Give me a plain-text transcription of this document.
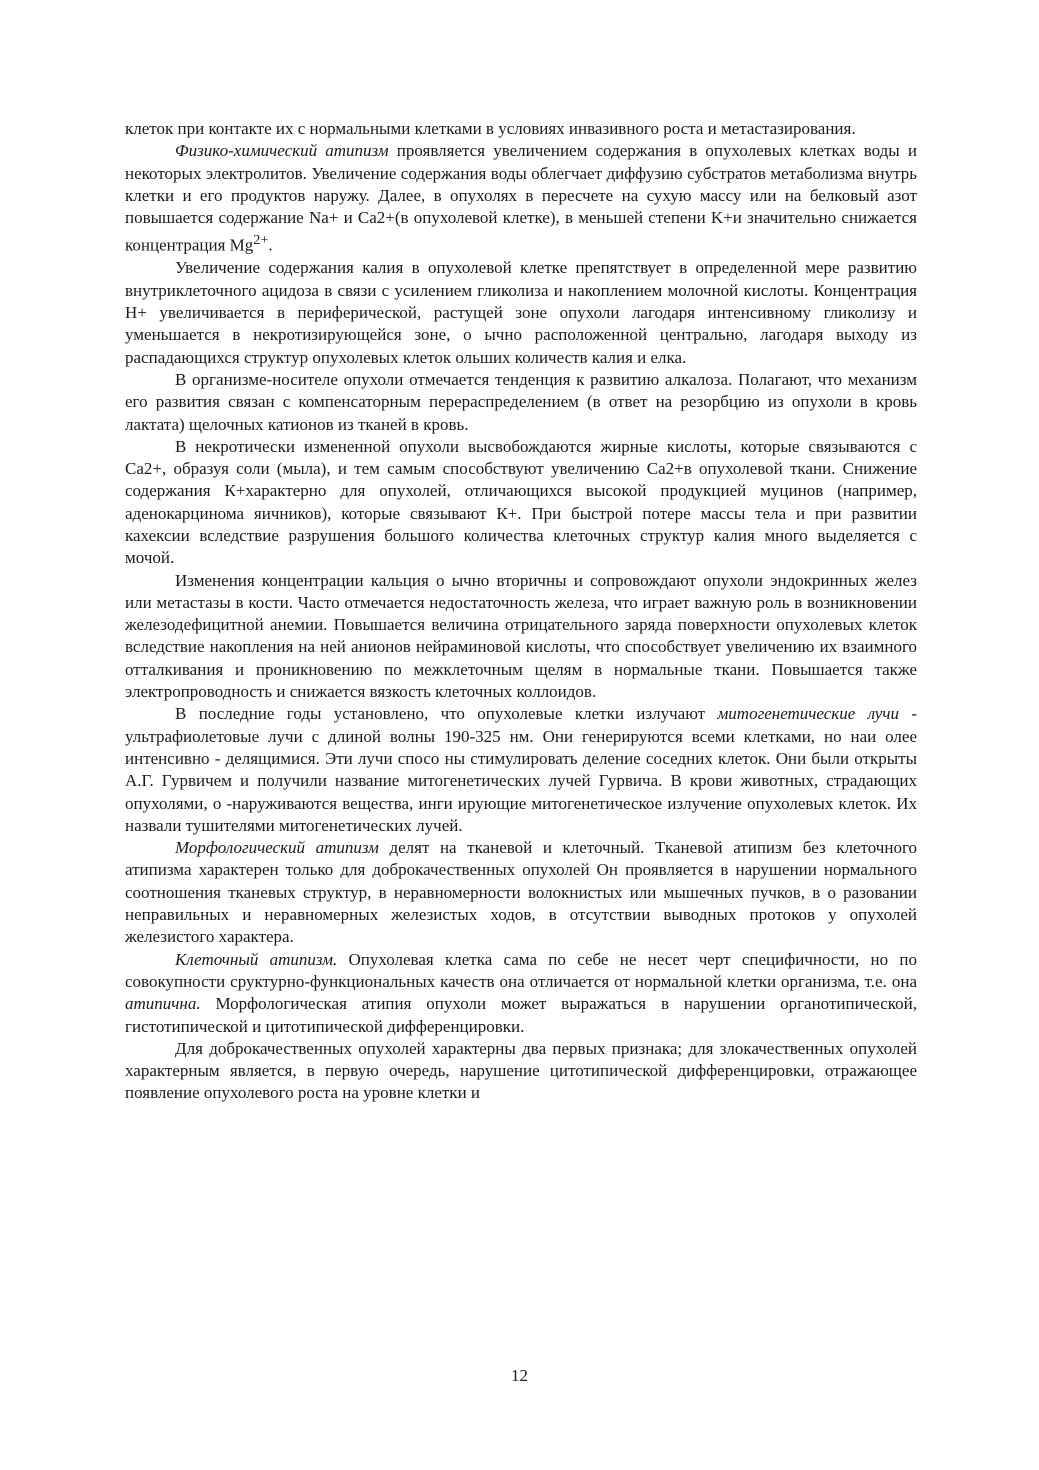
клеток при контакте их с нормальными клетками в условиях инвазивного роста и метастазирования.

Физико-химический атипизм проявляется увеличением содержания в опухолевых клетках воды и некоторых электролитов. Увеличение содержания воды облегчает диффузию субстратов метаболизма внутрь клетки и его продуктов наружу. Далее, в опухолях в пересчете на сухую массу или на белковый азот повышается содержание Na+ и Ca2+(в опухолевой клетке), в меньшей степени K+и значительно снижается концентрация $Mg^{2+}$.

Увеличение содержания калия в опухолевой клетке препятствует в определенной мере развитию внутриклеточного ацидоза в связи с усилением гликолиза и накоплением молочной кислоты. Концентрация Н+ увеличивается в периферической, растущей зоне опухоли лагодаря интенсивному гликолизу и уменьшается в некротизирующейся зоне, о ычно расположенной центрально, лагодаря выходу из распадающихся структур опухолевых клеток ольших количеств калия и елка.

В организме-носителе опухоли отмечается тенденция к развитию алкалоза. Полагают, что механизм его развития связан с компенсаторным перераспределением (в ответ на резорбцию из опухоли в кровь лактата) щелочных катионов из тканей в кровь.

В некротически измененной опухоли высвобождаются жирные кислоты, которые связываются с Са2+, образуя соли (мыла), и тем самым способствуют увеличению Са2+в опухолевой ткани. Снижение содержания К+характерно для опухолей, отличающихся высокой продукцией муцинов (например, аденокарцинома яичников), которые связывают К+. При быстрой потере массы тела и при развитии кахексии вследствие разрушения большого количества клеточных структур калия много выделяется с мочой.

Изменения концентрации кальция о ычно вторичны и сопровождают опухоли эндокринных желез или метастазы в кости. Часто отмечается недостаточность железа, что играет важную роль в возникновении железодефицитной анемии. Повышается величина отрицательного заряда поверхности опухолевых клеток вследствие накопления на ней анионов нейраминовой кислоты, что способствует увеличению их взаимного отталкивания и проникновению по межклеточным щелям в нормальные ткани. Повышается также электропроводность и снижается вязкость клеточных коллоидов.

В последние годы установлено, что опухолевые клетки излучают митогенетические лучи - ультрафиолетовые лучи с длиной волны 190-325 нм. Они генерируются всеми клетками, но наи олее интенсивно - делящимися. Эти лучи спосо ны стимулировать деление соседних клеток. Они были открыты А.Г. Гурвичем и получили название митогенетических лучей Гурвича. В крови животных, страдающих опухолями, о -наруживаются вещества, инги ирующие митогенетическое излучение опухолевых клеток. Их назвали тушителями митогенетических лучей.

Морфологический атипизм делят на тканевой и клеточный. Тканевой атипизм без клеточного атипизма характерен только для доброкачественных опухолей Он проявляется в нарушении нормального соотношения тканевых структур, в неравномерности волокнистых или мышечных пучков, в о разовании неправильных и неравномерных железистых ходов, в отсутствии выводных протоков у опухолей железистого характера.

Клеточный атипизм. Опухолевая клетка сама по себе не несет черт специфичности, но по совокупности сруктурно-функциональных качеств она отличается от нормальной клетки организма, т.е. она атипична. Морфологическая атипия опухоли может выражаться в нарушении органотипической, гистотипической и цитотипической дифференцировки.

Для доброкачественных опухолей характерны два первых признака; для злокачественных опухолей характерным является, в первую очередь, нарушение цитотипической дифференцировки, отражающее появление опухолевого роста на уровне клетки и

12
